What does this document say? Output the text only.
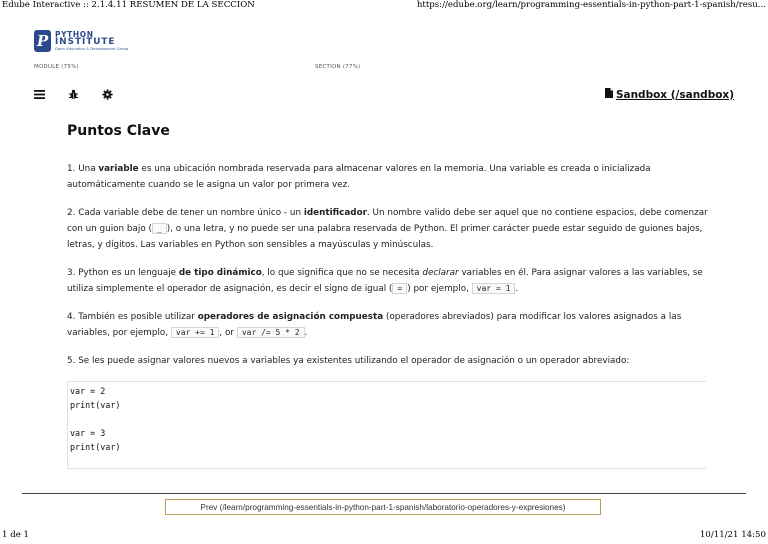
Edube Interactive :: 2.1.4.11 RESUMEN DE LA SECCION	https://edube.org/learn/programming-essentials-in-python-part-1-spanish/resu...
P PYTHON
INSTITUTE
Open Education & Development Group
MODULE (75%)	SECTION (77%)
Sandbox (/sandbox)
Puntos Clave

1. Una variable es una ubicación nombrada reservada para almacenar valores en la memoria. Una variable es creada o inicializada automáticamente cuando se le asigna un valor por primera vez.

2. Cada variable debe de tener un nombre único - un identificador. Un nombre valido debe ser aquel que no contiene espacios, debe comenzar con un guion bajo ( _ ), o una letra, y no puede ser una palabra reservada de Python. El primer carácter puede estar seguido de guiones bajos, letras, y dígitos. Las variables en Python son sensibles a mayúsculas y minúsculas.

3. Python es un lenguaje de tipo dinámico, lo que significa que no se necesita declarar variables en él. Para asignar valores a las variables, se utiliza simplemente el operador de asignación, es decir el signo de igual ( = ) por ejemplo, var = 1 .

4. También es posible utilizar operadores de asignación compuesta (operadores abreviados) para modificar los valores asignados a las variables, por ejemplo, var += 1 , or var /= 5 * 2 .

5. Se les puede asignar valores nuevos a variables ya existentes utilizando el operador de asignación o un operador abreviado:

var = 2
print(var)
var = 3
print(var)
Prev (/learn/programming-essentials-in-python-part-1-spanish/laboratorio-operadores-y-expresiones)
1 de 1	10/11/21 14:50
